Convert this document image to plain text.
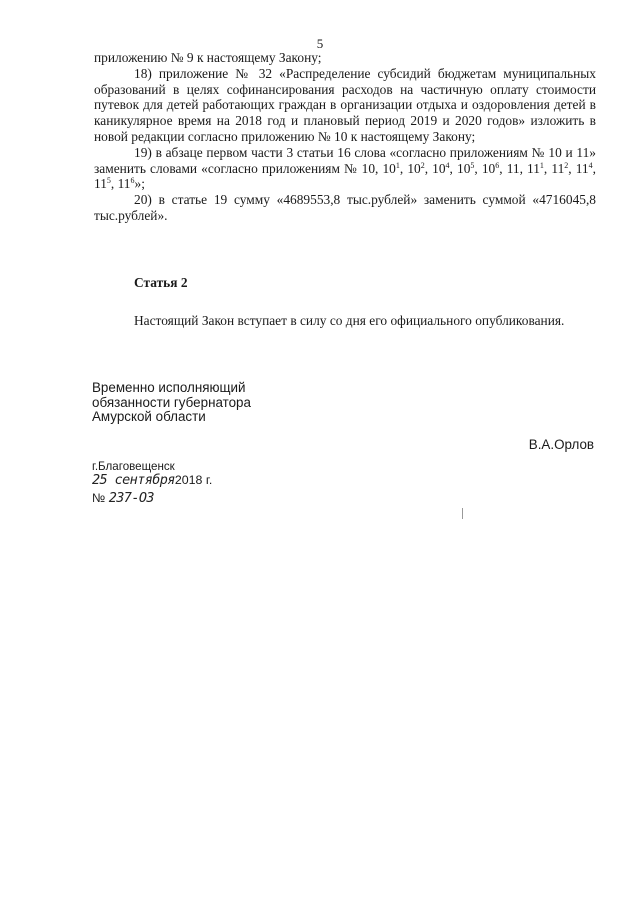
5

приложению № 9 к настоящему Закону;

18) приложение № 32 «Распределение субсидий бюджетам муниципальных образований в целях софинансирования расходов на частичную оплату стоимости путевок для детей работающих граждан в организации отдыха и оздоровления детей в каникулярное время на 2018 год и плановый период 2019 и 2020 годов» изложить в новой редакции согласно приложению № 10 к настоящему Закону;

19) в абзаце первом части 3 статьи 16 слова «согласно приложениям № 10 и 11» заменить словами «согласно приложениям № 10, $10^1$, $10^2$, $10^4$, $10^5$, $10^6$, 11, $11^1$, $11^2$, $11^4$, $11^5$, $11^6$»;

20) в статье 19 сумму «4689553,8 тыс.рублей» заменить суммой «4716045,8 тыс.рублей».

Статья 2

Настоящий Закон вступает в силу со дня его официального опубликования.

Временно исполняющий
обязанности губернатора
Амурской области
В.А.Орлов
г.Благовещенск
25 сентября2018 г.
№ 237-ОЗ
